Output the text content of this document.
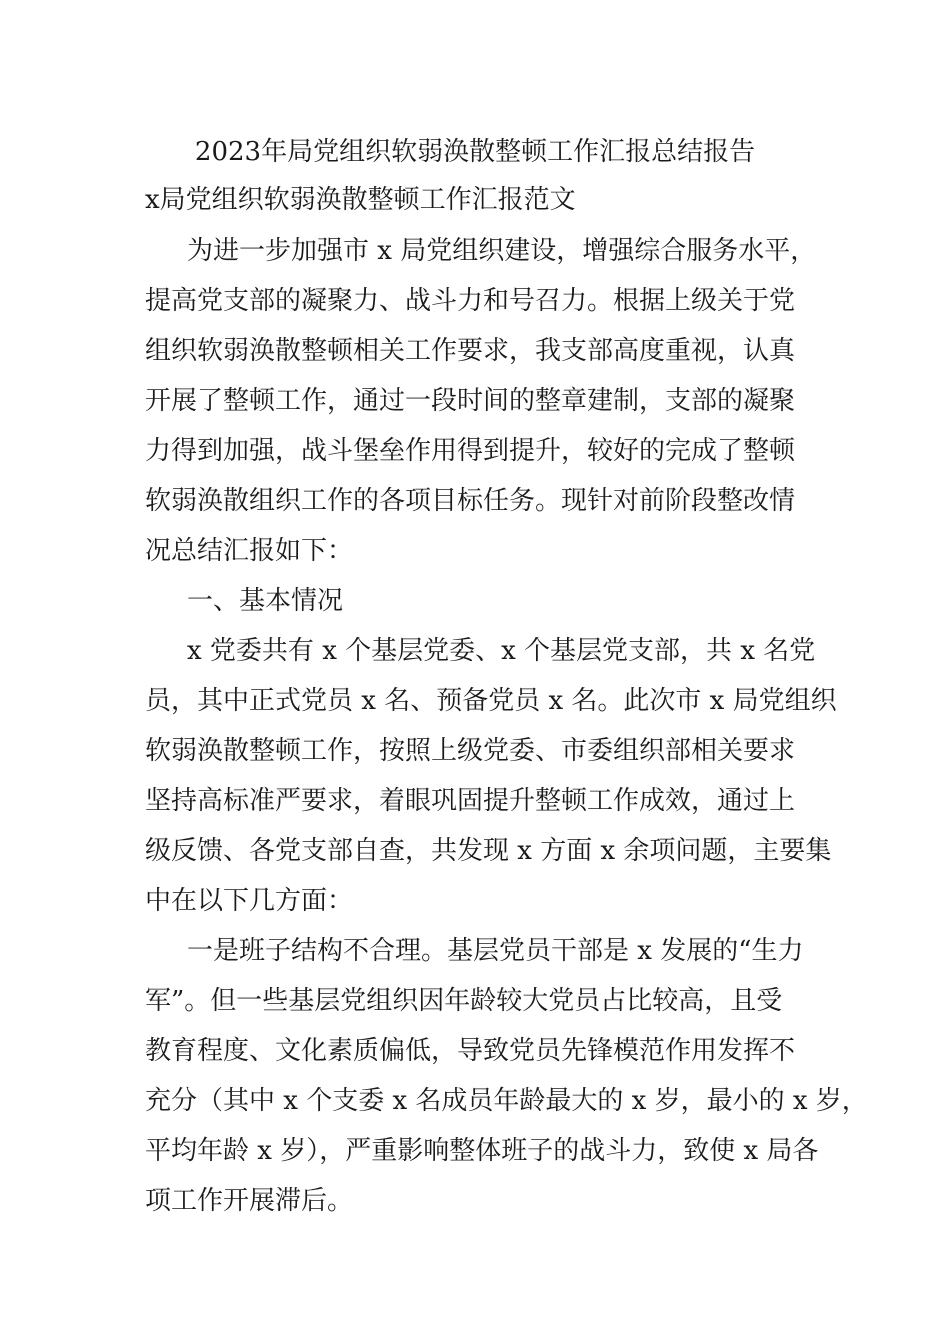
2023年局党组织软弱涣散整顿工作汇报总结报告
x局党组织软弱涣散整顿工作汇报范文

为进一步加强市 x 局党组织建设，增强综合服务水平，
提高党支部的凝聚力、战斗力和号召力。根据上级关于党
组织软弱涣散整顿相关工作要求，我支部高度重视，认真
开展了整顿工作，通过一段时间的整章建制，支部的凝聚
力得到加强，战斗堡垒作用得到提升，较好的完成了整顿
软弱涣散组织工作的各项目标任务。现针对前阶段整改情
况总结汇报如下：

一、基本情况

x 党委共有 x 个基层党委、x 个基层党支部，共 x 名党
员，其中正式党员 x 名、预备党员 x 名。此次市 x 局党组织
软弱涣散整顿工作，按照上级党委、市委组织部相关要求
坚持高标准严要求，着眼巩固提升整顿工作成效，通过上
级反馈、各党支部自查，共发现 x 方面 x 余项问题，主要集
中在以下几方面：

一是班子结构不合理。基层党员干部是 x 发展的“生力
军”。但一些基层党组织因年龄较大党员占比较高，且受
教育程度、文化素质偏低，导致党员先锋模范作用发挥不
充分（其中 x 个支委 x 名成员年龄最大的 x 岁，最小的 x 岁，
平均年龄 x 岁），严重影响整体班子的战斗力，致使 x 局各
项工作开展滞后。
